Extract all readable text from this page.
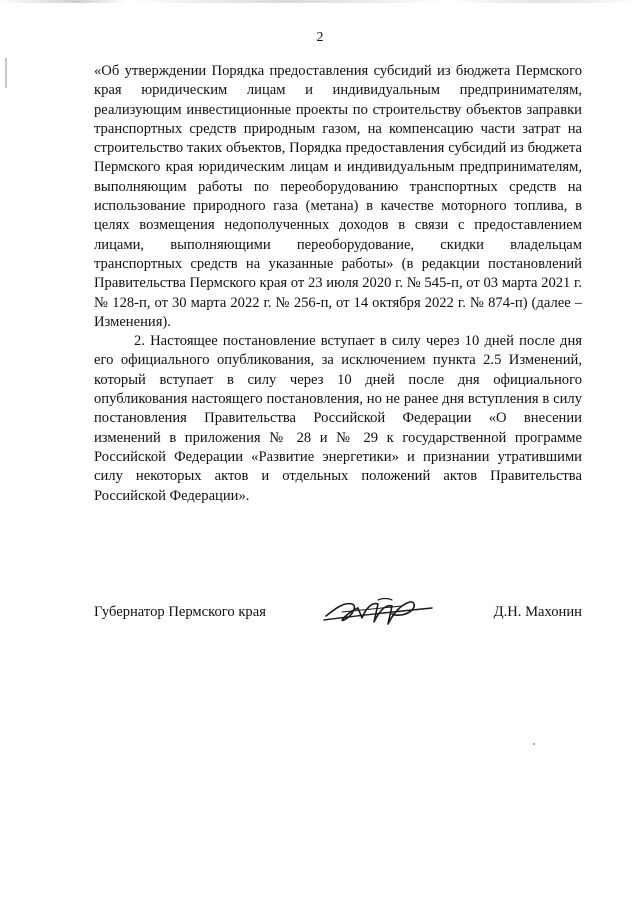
2

«Об утверждении Порядка предоставления субсидий из бюджета Пермского края юридическим лицам и индивидуальным предпринимателям, реализующим инвестиционные проекты по строительству объектов заправки транспортных средств природным газом, на компенсацию части затрат на строительство таких объектов, Порядка предоставления субсидий из бюджета Пермского края юридическим лицам и индивидуальным предпринимателям, выполняющим работы по переоборудованию транспортных средств на использование природного газа (метана) в качестве моторного топлива, в целях возмещения недополученных доходов в связи с предоставлением лицами, выполняющими переоборудование, скидки владельцам транспортных средств на указанные работы» (в редакции постановлений Правительства Пермского края от 23 июля 2020 г. № 545-п, от 03 марта 2021 г. № 128-п, от 30 марта 2022 г. № 256-п, от 14 октября 2022 г. № 874-п) (далее – Изменения).

2. Настоящее постановление вступает в силу через 10 дней после дня его официального опубликования, за исключением пункта 2.5 Изменений, который вступает в силу через 10 дней после дня официального опубликования настоящего постановления, но не ранее дня вступления в силу постановления Правительства Российской Федерации «О внесении изменений в приложения № 28 и № 29 к государственной программе Российской Федерации «Развитие энергетики» и признании утратившими силу некоторых актов и отдельных положений актов Правительства Российской Федерации».

Губернатор Пермского края	Д.Н. Махонин
